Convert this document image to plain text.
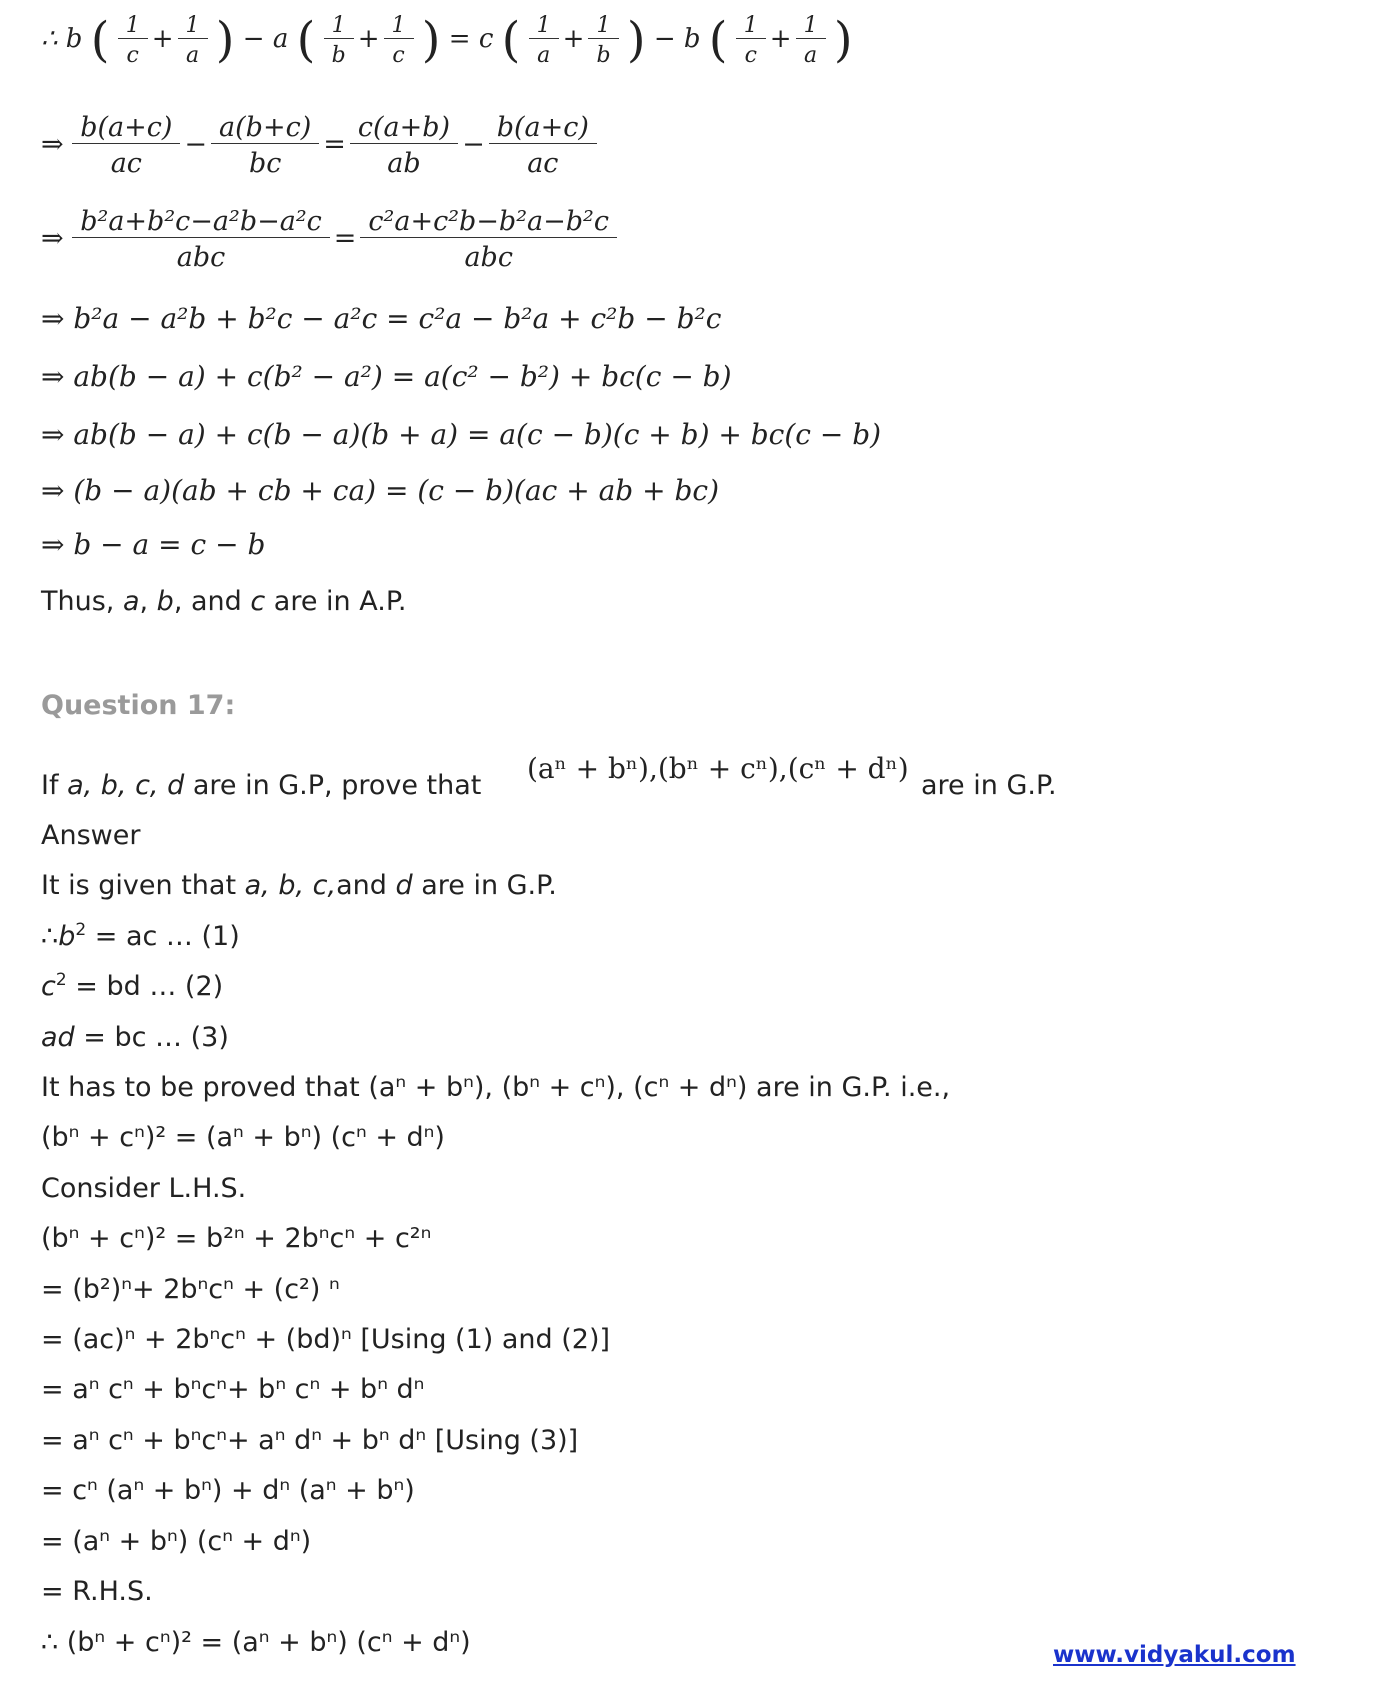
∴ b ( $\frac{1}{c} + \frac{1}{a}$ ) − a ( $\frac{1}{b} + \frac{1}{c}$ ) = c ( $\frac{1}{a} + \frac{1}{b}$ ) − b ( $\frac{1}{c} + \frac{1}{a}$ )
⇒ $\frac{b(a+c)}{ac} - \frac{a(b+c)}{bc} = \frac{c(a+b)}{ab} - \frac{b(a+c)}{ac}$
⇒ $\frac{\text{b²a+b²c−a²b−a²c}}{\text{abc}} = \frac{\text{c²a+c²b−b²a−b²c}}{\text{abc}}$
⇒ b²a − a²b + b²c − a²c = c²a − b²a + c²b − b²c
⇒ ab(b − a) + c(b² − a²) = a(c² − b²) + bc(c − b)
⇒ ab(b − a) + c(b − a)(b + a) = a(c − b)(c + b) + bc(c − b)
⇒ (b − a)(ab + cb + ca) = (c − b)(ac + ab + bc)
⇒ b − a = c − b
Thus, a, b, and c are in A.P.
Question 17:
If a, b, c, d are in G.P, prove that
(aⁿ + bⁿ),(bⁿ + cⁿ),(cⁿ + dⁿ)
are in G.P.
Answer
It is given that a, b, c,and d are in G.P.
$\therefore b^2$ = ac … (1)
$c^2$ = bd … (2)
ad = bc … (3)
It has to be proved that (aⁿ + bⁿ), (bⁿ + cⁿ), (cⁿ + dⁿ) are in G.P. i.e.,
(bⁿ + cⁿ)² = (aⁿ + bⁿ) (cⁿ + dⁿ)
Consider L.H.S.
(bⁿ + cⁿ)² = b²ⁿ + 2bⁿcⁿ + c²ⁿ
= (b²)ⁿ+ 2bⁿcⁿ + (c²) ⁿ
= (ac)ⁿ + 2bⁿcⁿ + (bd)ⁿ [Using (1) and (2)]
= aⁿ cⁿ + bⁿcⁿ+ bⁿ cⁿ + bⁿ dⁿ
= aⁿ cⁿ + bⁿcⁿ+ aⁿ dⁿ + bⁿ dⁿ [Using (3)]
= cⁿ (aⁿ + bⁿ) + dⁿ (aⁿ + bⁿ)
= (aⁿ + bⁿ) (cⁿ + dⁿ)
= R.H.S.
∴ (bⁿ + cⁿ)² = (aⁿ + bⁿ) (cⁿ + dⁿ)	www.vidyakul.com
